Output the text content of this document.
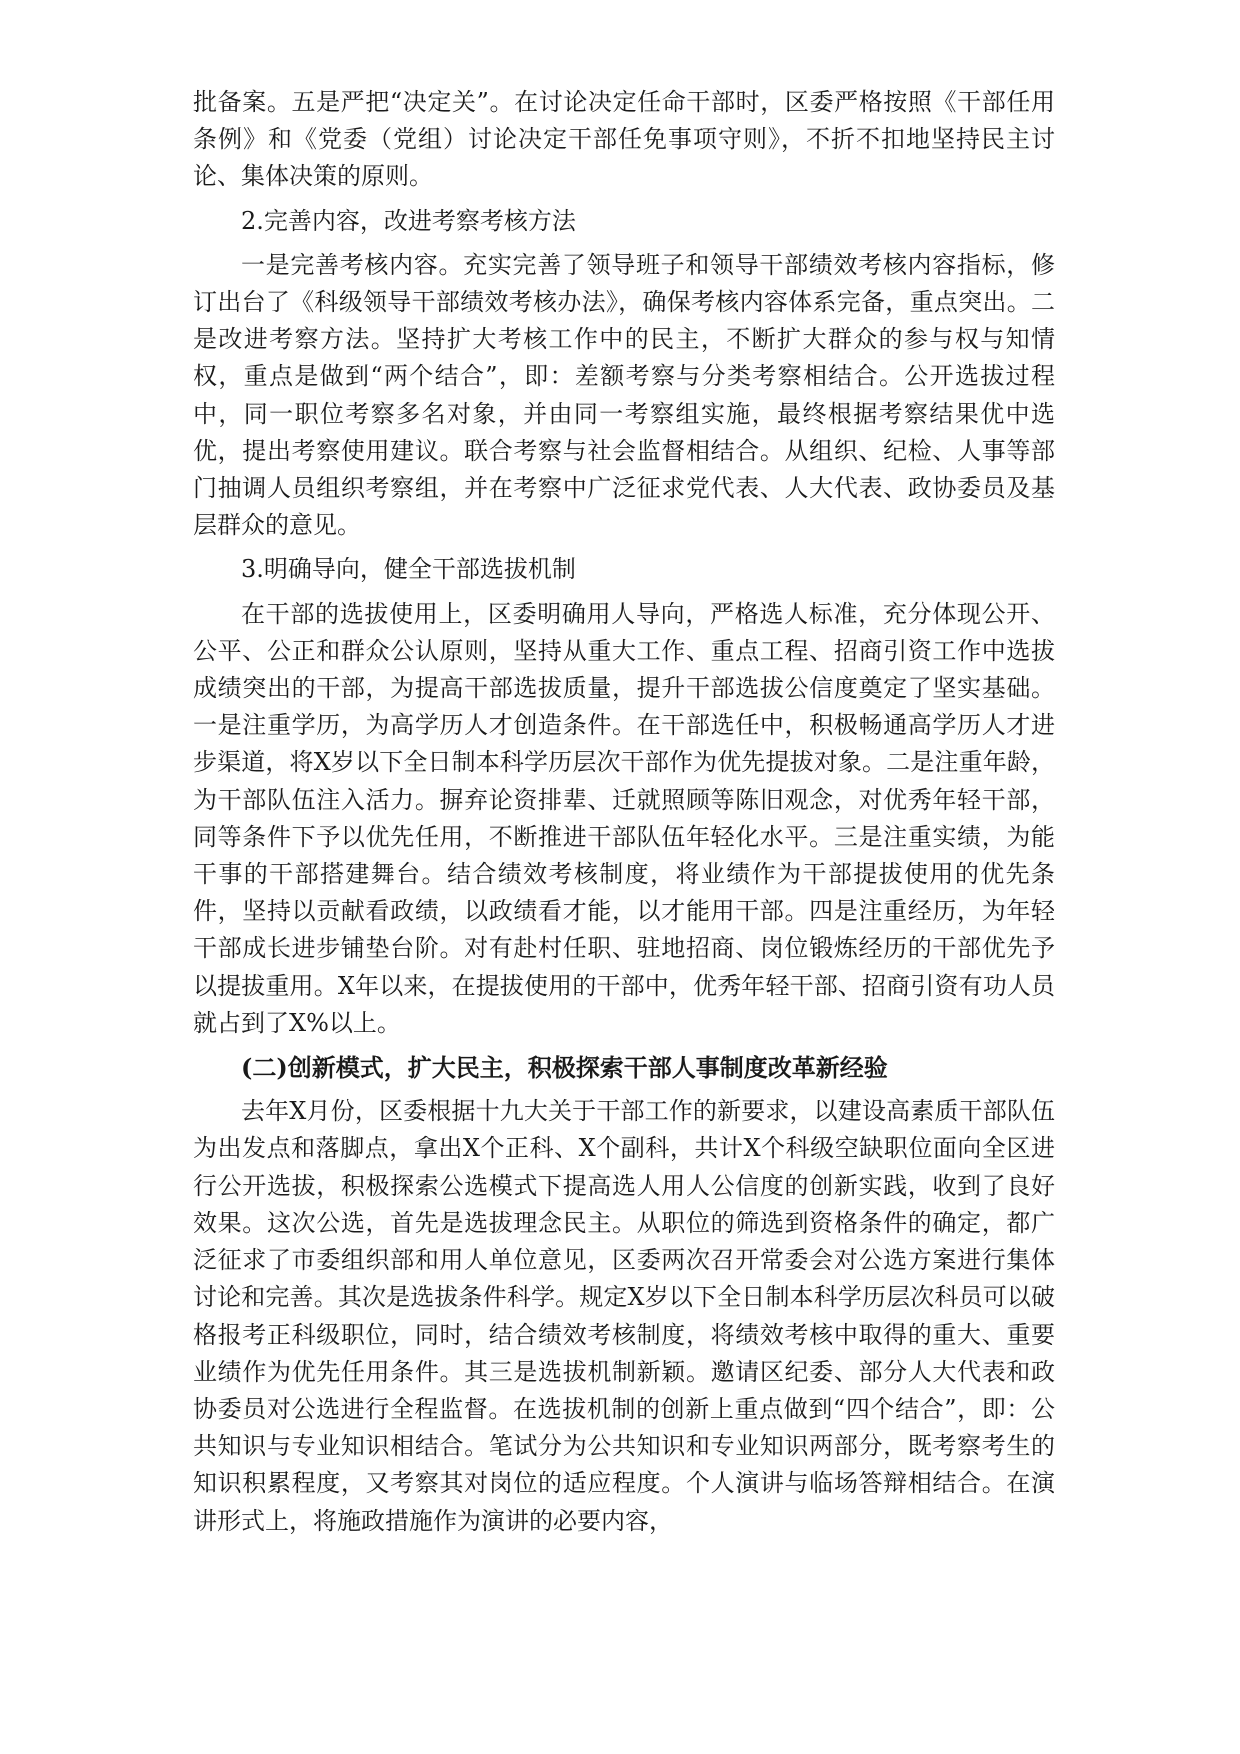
批备案。五是严把“决定关”。在讨论决定任命干部时，区委严格按照《干部任用条例》和《党委（党组）讨论决定干部任免事项守则》，不折不扣地坚持民主讨论、集体决策的原则。

2.完善内容，改进考察考核方法

一是完善考核内容。充实完善了领导班子和领导干部绩效考核内容指标，修订出台了《科级领导干部绩效考核办法》，确保考核内容体系完备，重点突出。二是改进考察方法。坚持扩大考核工作中的民主，不断扩大群众的参与权与知情权，重点是做到“两个结合”，即：差额考察与分类考察相结合。公开选拔过程中，同一职位考察多名对象，并由同一考察组实施，最终根据考察结果优中选优，提出考察使用建议。联合考察与社会监督相结合。从组织、纪检、人事等部门抽调人员组织考察组，并在考察中广泛征求党代表、人大代表、政协委员及基层群众的意见。

3.明确导向，健全干部选拔机制

在干部的选拔使用上，区委明确用人导向，严格选人标准，充分体现公开、公平、公正和群众公认原则，坚持从重大工作、重点工程、招商引资工作中选拔成绩突出的干部，为提高干部选拔质量，提升干部选拔公信度奠定了坚实基础。一是注重学历，为高学历人才创造条件。在干部选任中，积极畅通高学历人才进步渠道，将X岁以下全日制本科学历层次干部作为优先提拔对象。二是注重年龄，为干部队伍注入活力。摒弃论资排辈、迁就照顾等陈旧观念，对优秀年轻干部，同等条件下予以优先任用，不断推进干部队伍年轻化水平。三是注重实绩，为能干事的干部搭建舞台。结合绩效考核制度，将业绩作为干部提拔使用的优先条件，坚持以贡献看政绩，以政绩看才能，以才能用干部。四是注重经历，为年轻干部成长进步铺垫台阶。对有赴村任职、驻地招商、岗位锻炼经历的干部优先予以提拔重用。X年以来，在提拔使用的干部中，优秀年轻干部、招商引资有功人员就占到了X%以上。

(二)创新模式，扩大民主，积极探索干部人事制度改革新经验

去年X月份，区委根据十九大关于干部工作的新要求，以建设高素质干部队伍为出发点和落脚点，拿出X个正科、X个副科，共计X个科级空缺职位面向全区进行公开选拔，积极探索公选模式下提高选人用人公信度的创新实践，收到了良好效果。这次公选，首先是选拔理念民主。从职位的筛选到资格条件的确定，都广泛征求了市委组织部和用人单位意见，区委两次召开常委会对公选方案进行集体讨论和完善。其次是选拔条件科学。规定X岁以下全日制本科学历层次科员可以破格报考正科级职位，同时，结合绩效考核制度，将绩效考核中取得的重大、重要业绩作为优先任用条件。其三是选拔机制新颖。邀请区纪委、部分人大代表和政协委员对公选进行全程监督。在选拔机制的创新上重点做到“四个结合”，即：公共知识与专业知识相结合。笔试分为公共知识和专业知识两部分，既考察考生的知识积累程度，又考察其对岗位的适应程度。个人演讲与临场答辩相结合。在演讲形式上，将施政措施作为演讲的必要内容，
